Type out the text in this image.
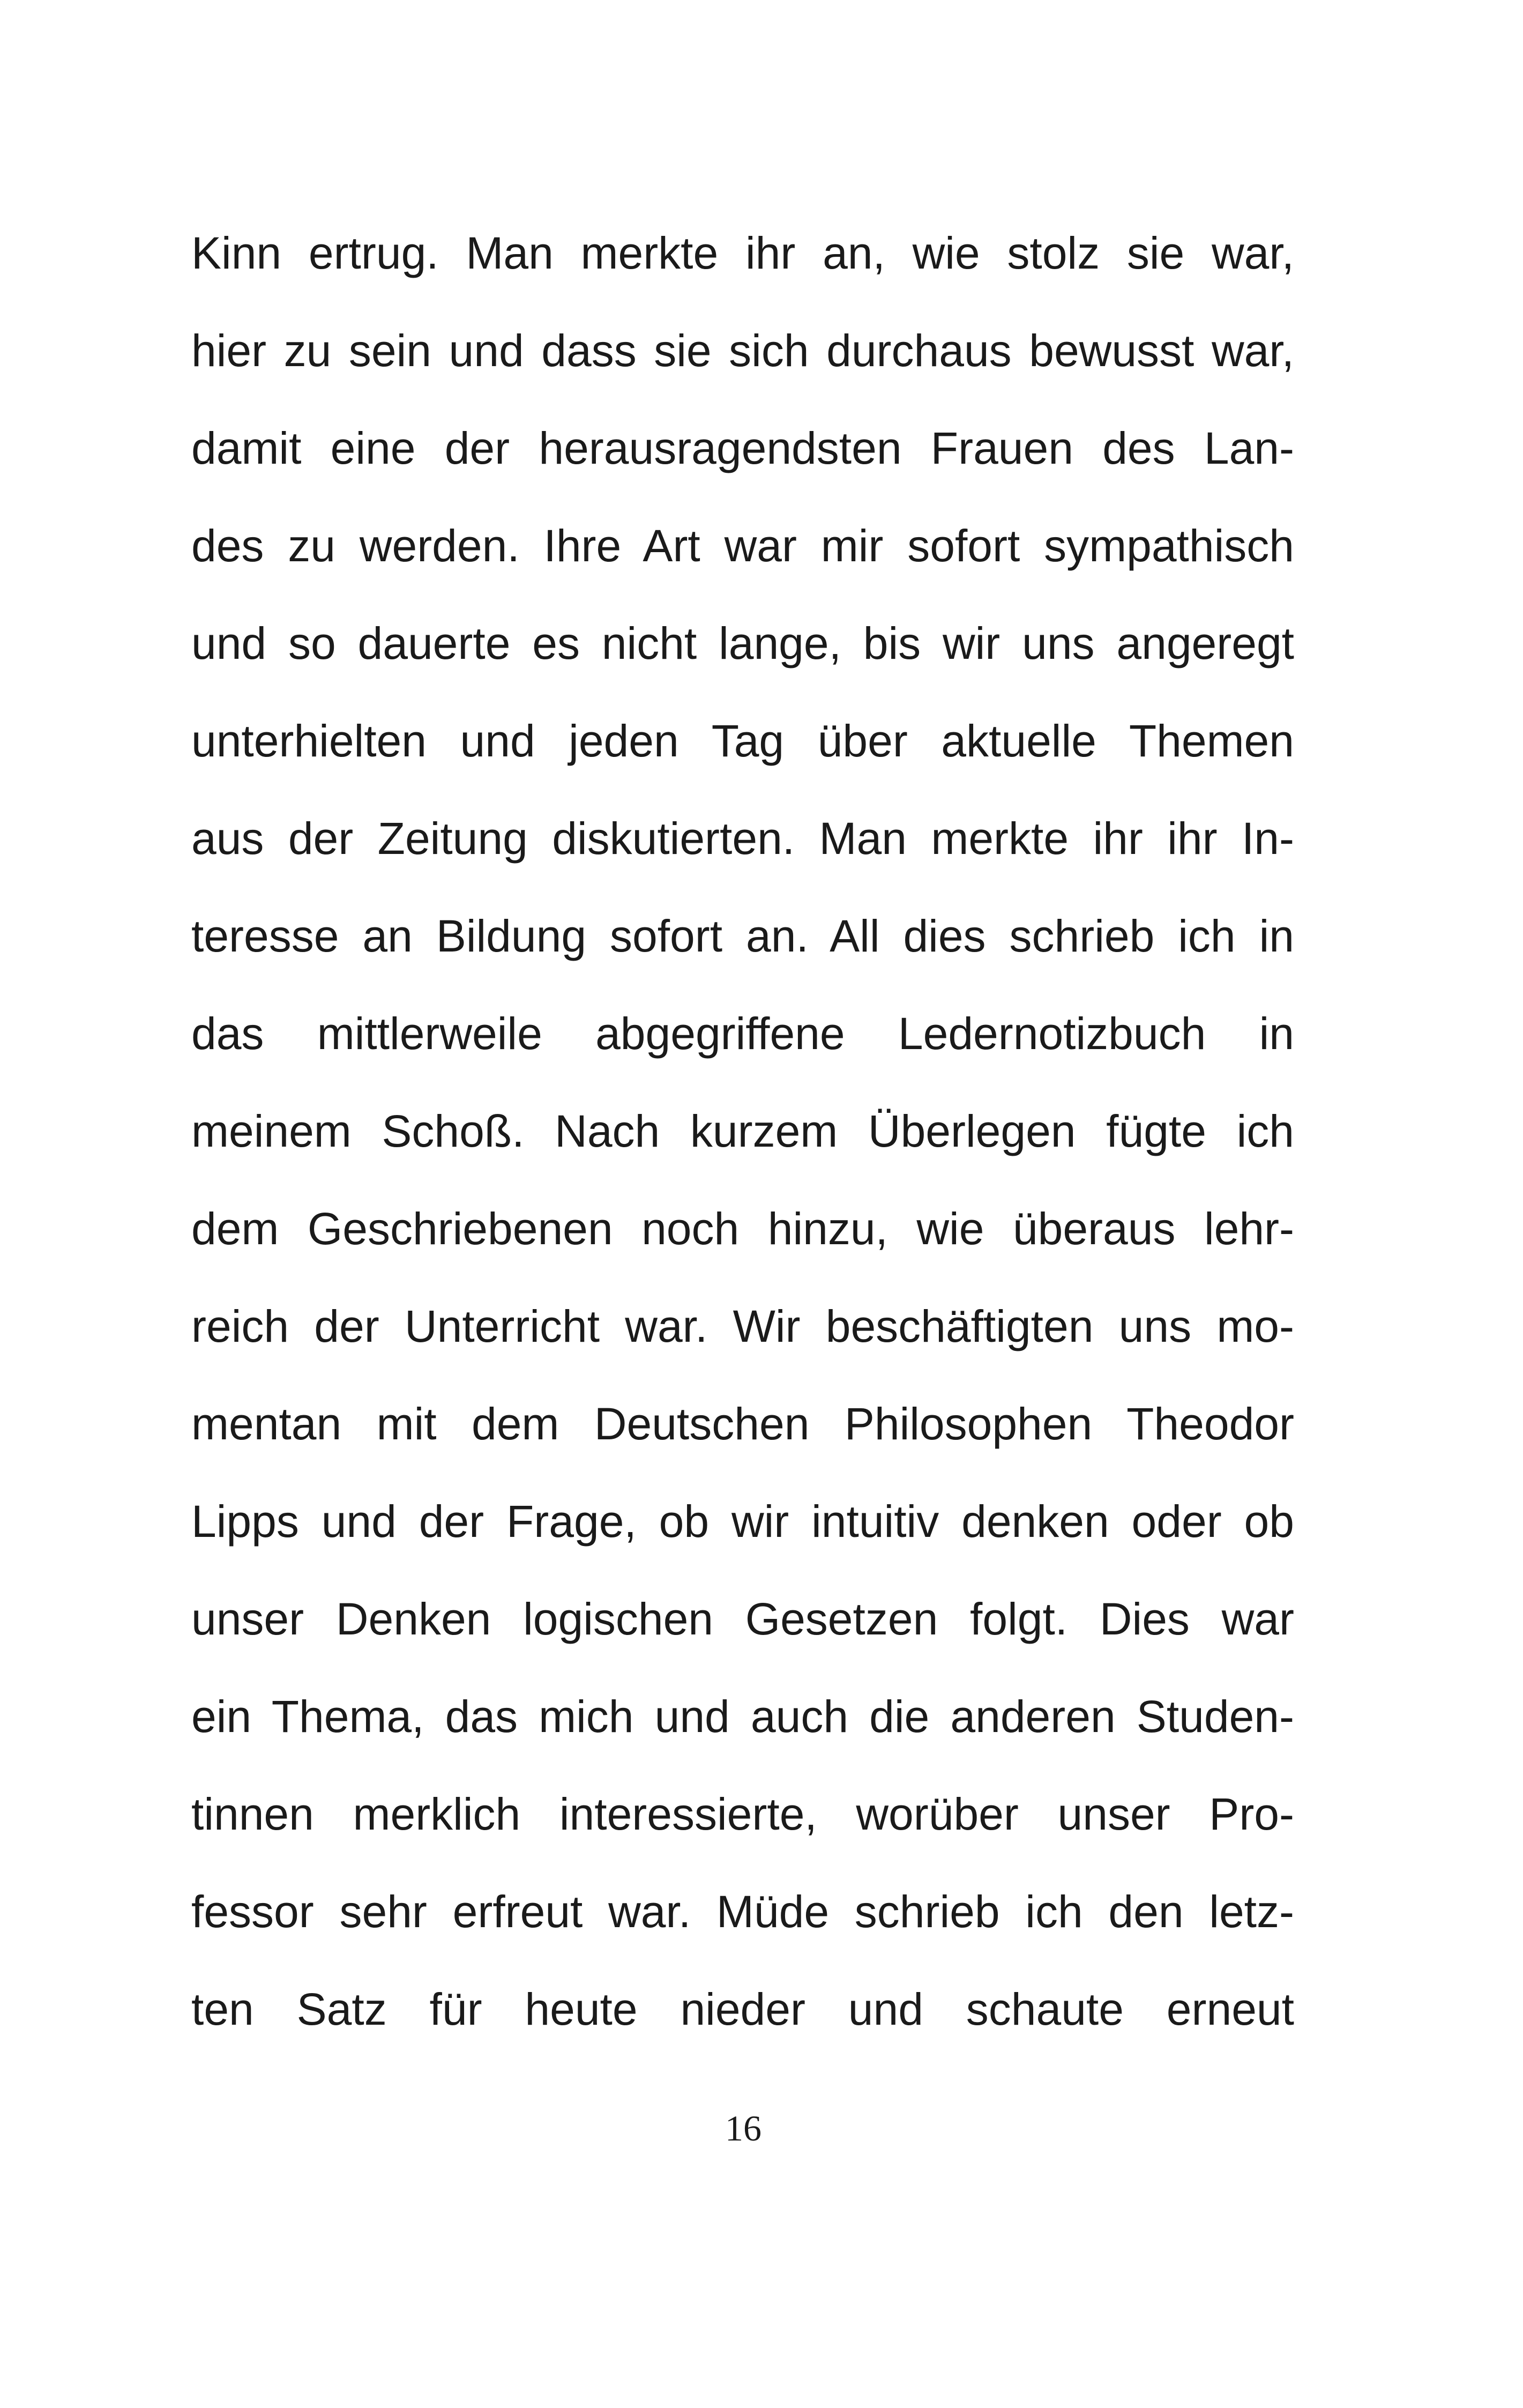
Kinn ertrug. Man merkte ihr an, wie stolz sie war,
hier zu sein und dass sie sich durchaus bewusst war,
damit eine der herausragendsten Frauen des Lan-
des zu werden. Ihre Art war mir sofort sympathisch
und so dauerte es nicht lange, bis wir uns angeregt
unterhielten und jeden Tag über aktuelle Themen
aus der Zeitung diskutierten. Man merkte ihr ihr In-
teresse an Bildung sofort an. All dies schrieb ich in
das mittlerweile abgegriffene Ledernotizbuch in
meinem Schoß. Nach kurzem Überlegen fügte ich
dem Geschriebenen noch hinzu, wie überaus lehr-
reich der Unterricht war. Wir beschäftigten uns mo-
mentan mit dem Deutschen Philosophen Theodor
Lipps und der Frage, ob wir intuitiv denken oder ob
unser Denken logischen Gesetzen folgt. Dies war
ein Thema, das mich und auch die anderen Studen-
tinnen merklich interessierte, worüber unser Pro-
fessor sehr erfreut war. Müde schrieb ich den letz-
ten Satz für heute nieder und schaute erneut
16
